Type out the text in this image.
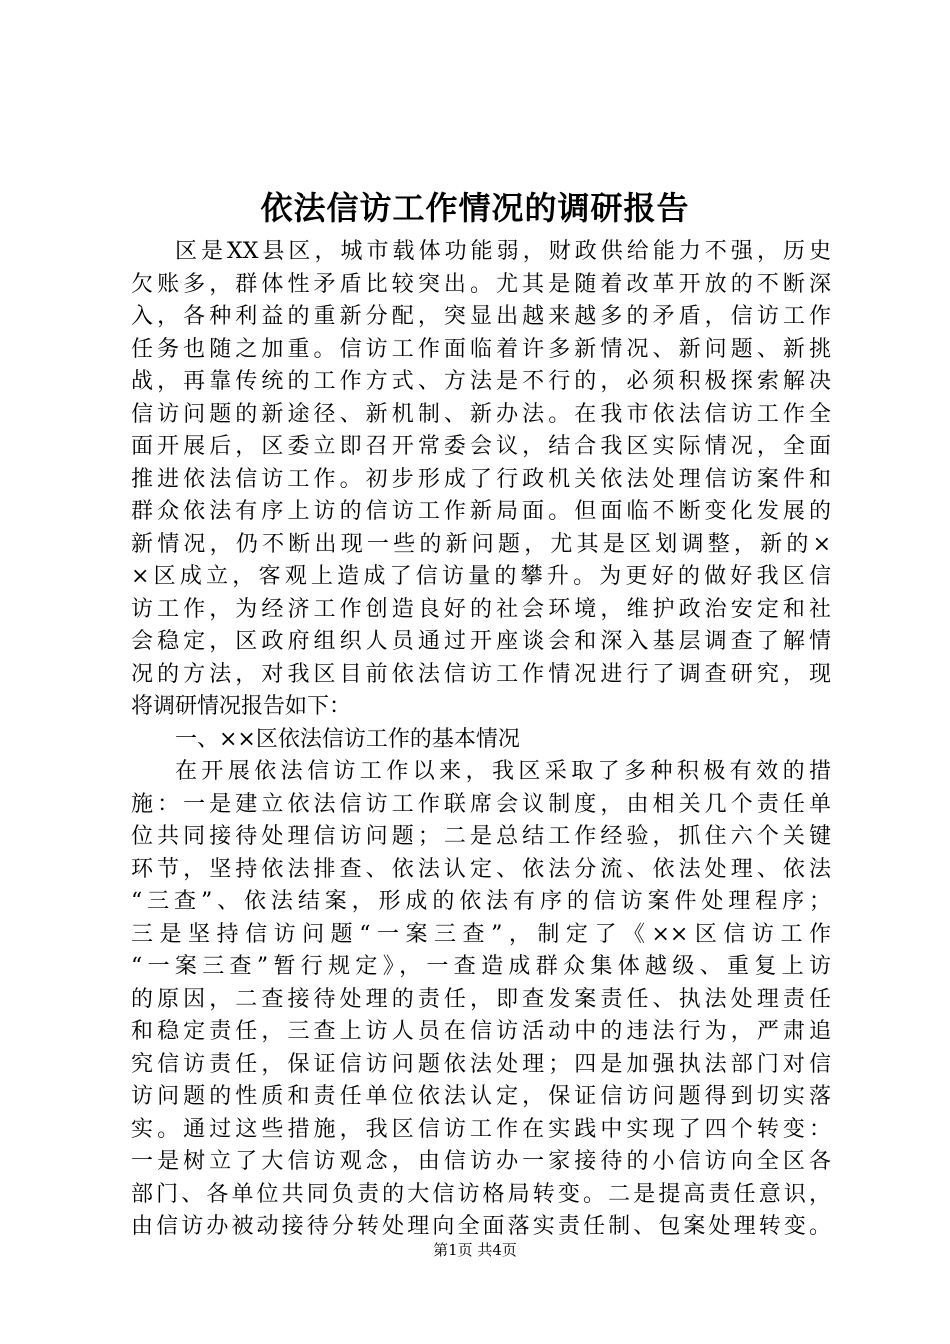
依法信访工作情况的调研报告
区是XX县区，城市载体功能弱，财政供给能力不强，历史
欠账多，群体性矛盾比较突出。尤其是随着改革开放的不断深
入，各种利益的重新分配，突显出越来越多的矛盾，信访工作
任务也随之加重。信访工作面临着许多新情况、新问题、新挑
战，再靠传统的工作方式、方法是不行的，必须积极探索解决
信访问题的新途径、新机制、新办法。在我市依法信访工作全
面开展后，区委立即召开常委会议，结合我区实际情况，全面
推进依法信访工作。初步形成了行政机关依法处理信访案件和
群众依法有序上访的信访工作新局面。但面临不断变化发展的
新情况，仍不断出现一些的新问题，尤其是区划调整，新的×
×区成立，客观上造成了信访量的攀升。为更好的做好我区信
访工作，为经济工作创造良好的社会环境，维护政治安定和社
会稳定，区政府组织人员通过开座谈会和深入基层调查了解情
况的方法，对我区目前依法信访工作情况进行了调查研究，现
将调研情况报告如下：
一、××区依法信访工作的基本情况
在开展依法信访工作以来，我区采取了多种积极有效的措
施：一是建立依法信访工作联席会议制度，由相关几个责任单
位共同接待处理信访问题；二是总结工作经验，抓住六个关键
环节，坚持依法排查、依法认定、依法分流、依法处理、依法
“三查”、依法结案，形成的依法有序的信访案件处理程序；
三是坚持信访问题“一案三查”，制定了《××区信访工作
“一案三查”暂行规定》，一查造成群众集体越级、重复上访
的原因，二查接待处理的责任，即查发案责任、执法处理责任
和稳定责任，三查上访人员在信访活动中的违法行为，严肃追
究信访责任，保证信访问题依法处理；四是加强执法部门对信
访问题的性质和责任单位依法认定，保证信访问题得到切实落
实。通过这些措施，我区信访工作在实践中实现了四个转变：
一是树立了大信访观念，由信访办一家接待的小信访向全区各
部门、各单位共同负责的大信访格局转变。二是提高责任意识，
由信访办被动接待分转处理向全面落实责任制、包案处理转变。
第1页 共4页
